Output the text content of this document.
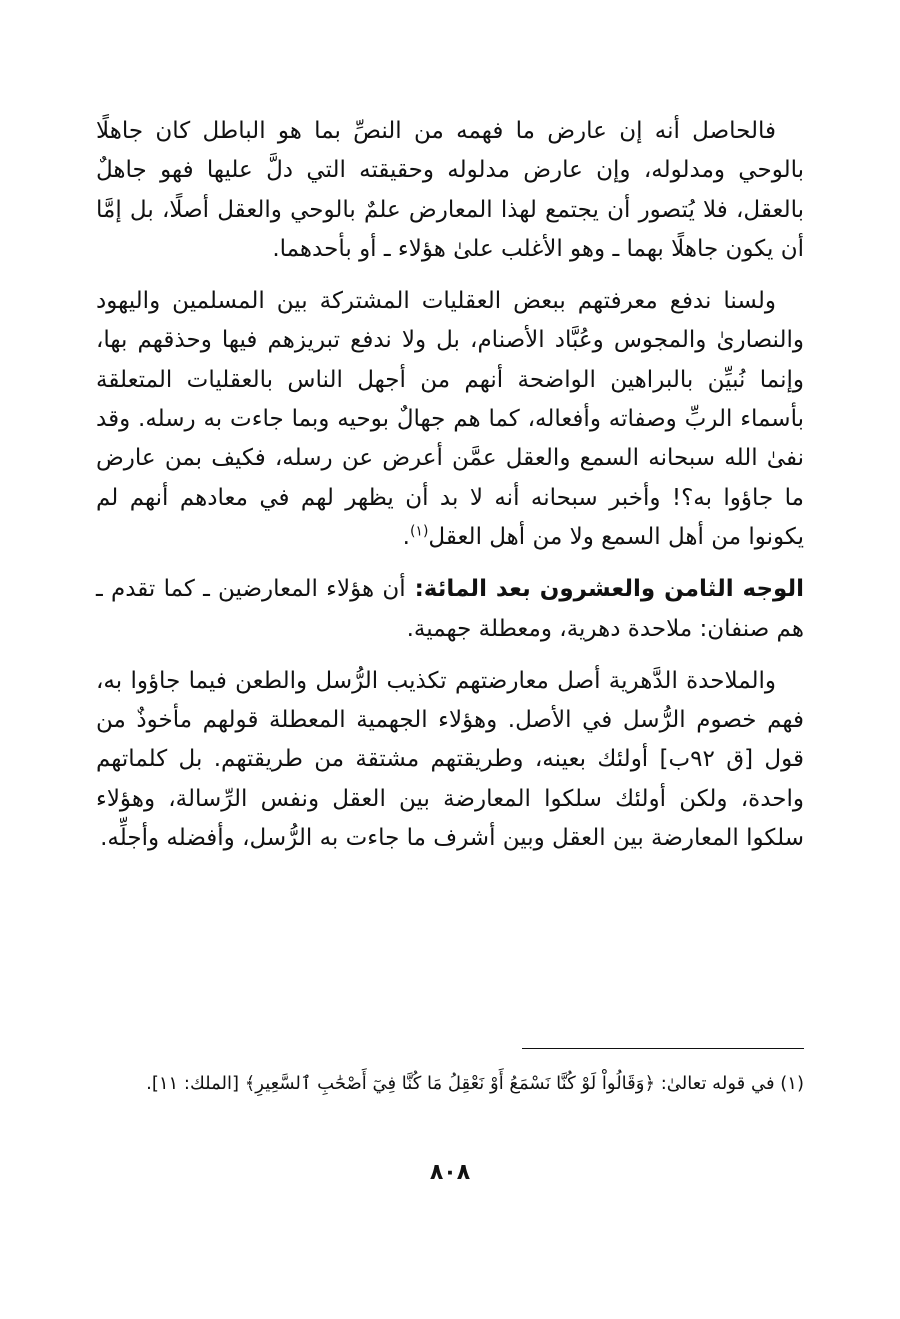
فالحاصل أنه إن عارض ما فهمه من النصِّ بما هو الباطل كان جاهلًا بالوحي ومدلوله، وإن عارض مدلوله وحقيقته التي دلَّ عليها فهو جاهلٌ بالعقل، فلا يُتصور أن يجتمع لهذا المعارض علمٌ بالوحي والعقل أصلًا، بل إمَّا أن يكون جاهلًا بهما ـ وهو الأغلب علىٰ هؤلاء ـ أو بأحدهما.

ولسنا ندفع معرفتهم ببعض العقليات المشتركة بين المسلمين واليهود والنصارىٰ والمجوس وعُبَّاد الأصنام، بل ولا ندفع تبريزهم فيها وحذقهم بها، وإنما نُبيِّن بالبراهين الواضحة أنهم من أجهل الناس بالعقليات المتعلقة بأسماء الربِّ وصفاته وأفعاله، كما هم جهالٌ بوحيه وبما جاءت به رسله. وقد نفىٰ الله سبحانه السمع والعقل عمَّن أعرض عن رسله، فكيف بمن عارض ما جاؤوا به؟! وأخبر سبحانه أنه لا بد أن يظهر لهم في معادهم أنهم لم يكونوا من أهل السمع ولا من أهل العقل$^{(١)}$.

الوجه الثامن والعشرون بعد المائة: أن هؤلاء المعارضين ـ كما تقدم ـ هم صنفان: ملاحدة دهرية، ومعطلة جهمية.

والملاحدة الدَّهرية أصل معارضتهم تكذيب الرُّسل والطعن فيما جاؤوا به، فهم خصوم الرُّسل في الأصل. وهؤلاء الجهمية المعطلة قولهم مأخوذٌ من قول [ق ٩٢ب] أولئك بعينه، وطريقتهم مشتقة من طريقتهم. بل كلماتهم واحدة، ولكن أولئك سلكوا المعارضة بين العقل ونفس الرِّسالة، وهؤلاء سلكوا المعارضة بين العقل وبين أشرف ما جاءت به الرُّسل، وأفضله وأجلِّه.

(١) في قوله تعالىٰ: ﴿وَقَالُواْ لَوْ كُنَّا نَسْمَعُ أَوْ نَعْقِلُ مَا كُنَّا فِيٓ أَصْحَٰبِ ٱلسَّعِيرِ﴾ [الملك: ١١].
٨٠٨
